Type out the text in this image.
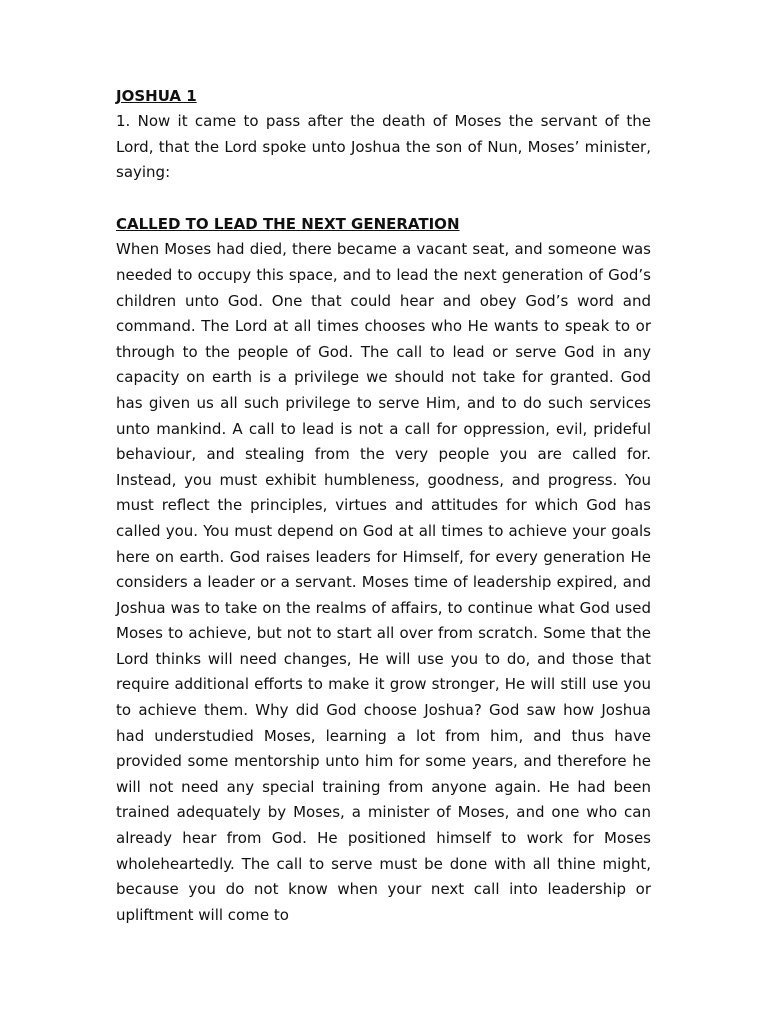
JOSHUA 1

1. Now it came to pass after the death of Moses the servant of the Lord, that the Lord spoke unto Joshua the son of Nun, Moses’ minister, saying:

CALLED TO LEAD THE NEXT GENERATION

When Moses had died, there became a vacant seat, and someone was needed to occupy this space, and to lead the next generation of God’s children unto God. One that could hear and obey God’s word and command. The Lord at all times chooses who He wants to speak to or through to the people of God. The call to lead or serve God in any capacity on earth is a privilege we should not take for granted. God has given us all such privilege to serve Him, and to do such services unto mankind. A call to lead is not a call for oppression, evil, prideful behaviour, and stealing from the very people you are called for. Instead, you must exhibit humbleness, goodness, and progress. You must reflect the principles, virtues and attitudes for which God has called you. You must depend on God at all times to achieve your goals here on earth. God raises leaders for Himself, for every generation He considers a leader or a servant. Moses time of leadership expired, and Joshua was to take on the realms of affairs, to continue what God used Moses to achieve, but not to start all over from scratch. Some that the Lord thinks will need changes, He will use you to do, and those that require additional efforts to make it grow stronger, He will still use you to achieve them. Why did God choose Joshua? God saw how Joshua had understudied Moses, learning a lot from him, and thus have provided some mentorship unto him for some years, and therefore he will not need any special training from anyone again. He had been trained adequately by Moses, a minister of Moses, and one who can already hear from God. He positioned himself to work for Moses wholeheartedly. The call to serve must be done with all thine might, because you do not know when your next call into leadership or upliftment will come to
